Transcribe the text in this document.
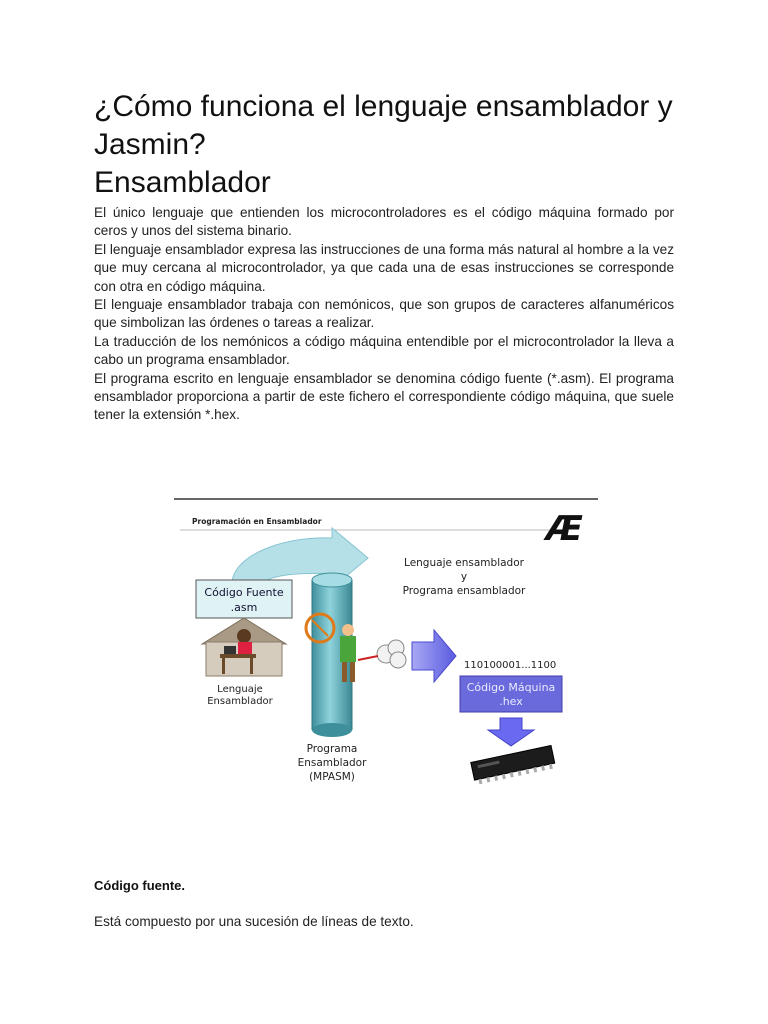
¿Cómo funciona el lenguaje ensamblador y Jasmin?
Ensamblador

El único lenguaje que entienden los microcontroladores es el código máquina formado por ceros y unos del sistema binario.

El lenguaje ensamblador expresa las instrucciones de una forma más natural al hombre a la vez que muy cercana al microcontrolador, ya que cada una de esas instrucciones se corresponde con otra en código máquina.

El lenguaje ensamblador trabaja con nemónicos, que son grupos de caracteres alfanuméricos que simbolizan las órdenes o tareas a realizar.

La traducción de los nemónicos a código máquina entendible por el microcontrolador la lleva a cabo un programa ensamblador.

El programa escrito en lenguaje ensamblador se denomina código fuente (*.asm). El programa ensamblador proporciona a partir de este fichero el correspondiente código máquina, que suele tener la extensión *.hex.

Programación en Ensamblador	Æ
Código Fuente
.asm
Lenguaje
Ensamblador
Programa
Ensamblador
(MPASM)
Lenguaje ensamblador
y
Programa ensamblador
110100001...1100
Código Máquina
.hex

Código fuente.

Está compuesto por una sucesión de líneas de texto.
